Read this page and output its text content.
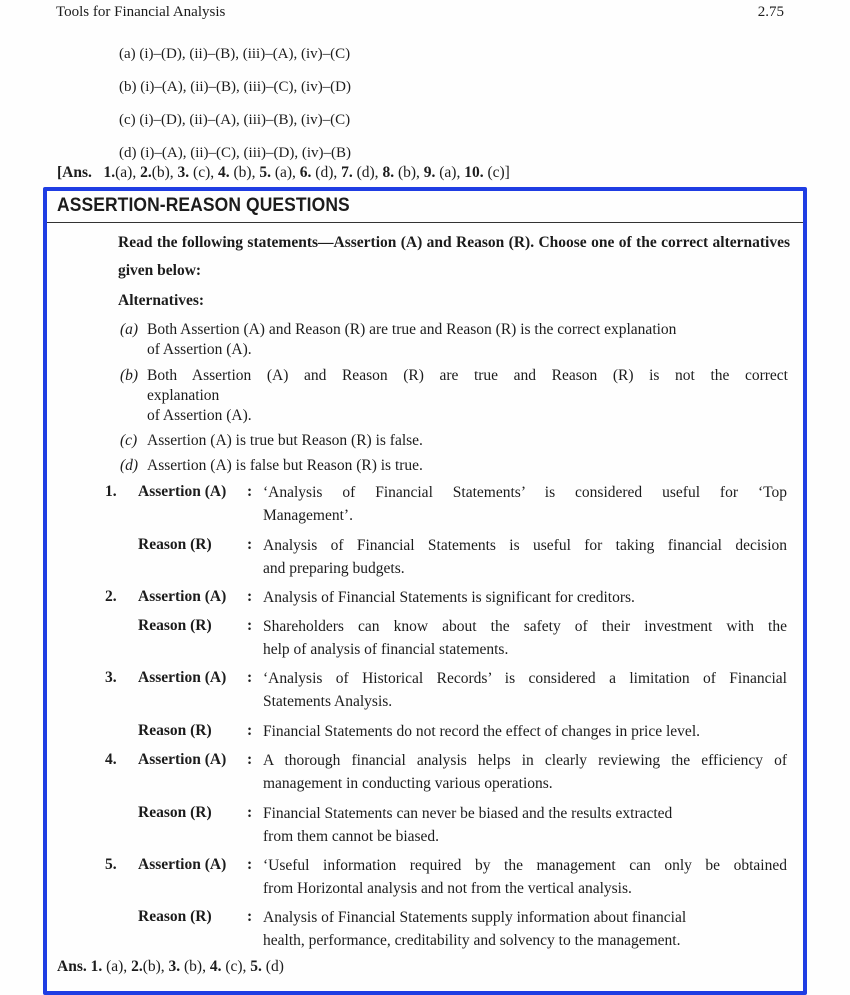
Tools for Financial Analysis	2.75
(a) (i)–(D), (ii)–(B), (iii)–(A), (iv)–(C)
(b) (i)–(A), (ii)–(B), (iii)–(C), (iv)–(D)
(c) (i)–(D), (ii)–(A), (iii)–(B), (iv)–(C)
(d) (i)–(A), (ii)–(C), (iii)–(D), (iv)–(B)
[Ans. 1.(a), 2.(b), 3. (c), 4. (b), 5. (a), 6. (d), 7. (d), 8. (b), 9. (a), 10. (c)]
ASSERTION-REASON QUESTIONS
Read the following statements—Assertion (A) and Reason (R). Choose one of the correct alternatives given below:
Alternatives:
(a) Both Assertion (A) and Reason (R) are true and Reason (R) is the correct explanation
of Assertion (A).
(b) Both Assertion (A) and Reason (R) are true and Reason (R) is not the correct
explanation
of Assertion (A).
(c) Assertion (A) is true but Reason (R) is false.
(d) Assertion (A) is false but Reason (R) is true.
1. Assertion (A) : ‘Analysis of Financial Statements’ is considered useful for ‘Top
Management’.
Reason (R) : Analysis of Financial Statements is useful for taking financial decision
and preparing budgets.
2. Assertion (A) : Analysis of Financial Statements is significant for creditors.
Reason (R) : Shareholders can know about the safety of their investment with the
help of analysis of financial statements.
3. Assertion (A) : ‘Analysis of Historical Records’ is considered a limitation of Financial
Statements Analysis.
Reason (R) : Financial Statements do not record the effect of changes in price level.
4. Assertion (A) : A thorough financial analysis helps in clearly reviewing the efficiency of
management in conducting various operations.
Reason (R) : Financial Statements can never be biased and the results extracted
from them cannot be biased.
5. Assertion (A) : ‘Useful information required by the management can only be obtained
from Horizontal analysis and not from the vertical analysis.
Reason (R) : Analysis of Financial Statements supply information about financial
health, performance, creditability and solvency to the management.
Ans. 1. (a), 2.(b), 3. (b), 4. (c), 5. (d)
